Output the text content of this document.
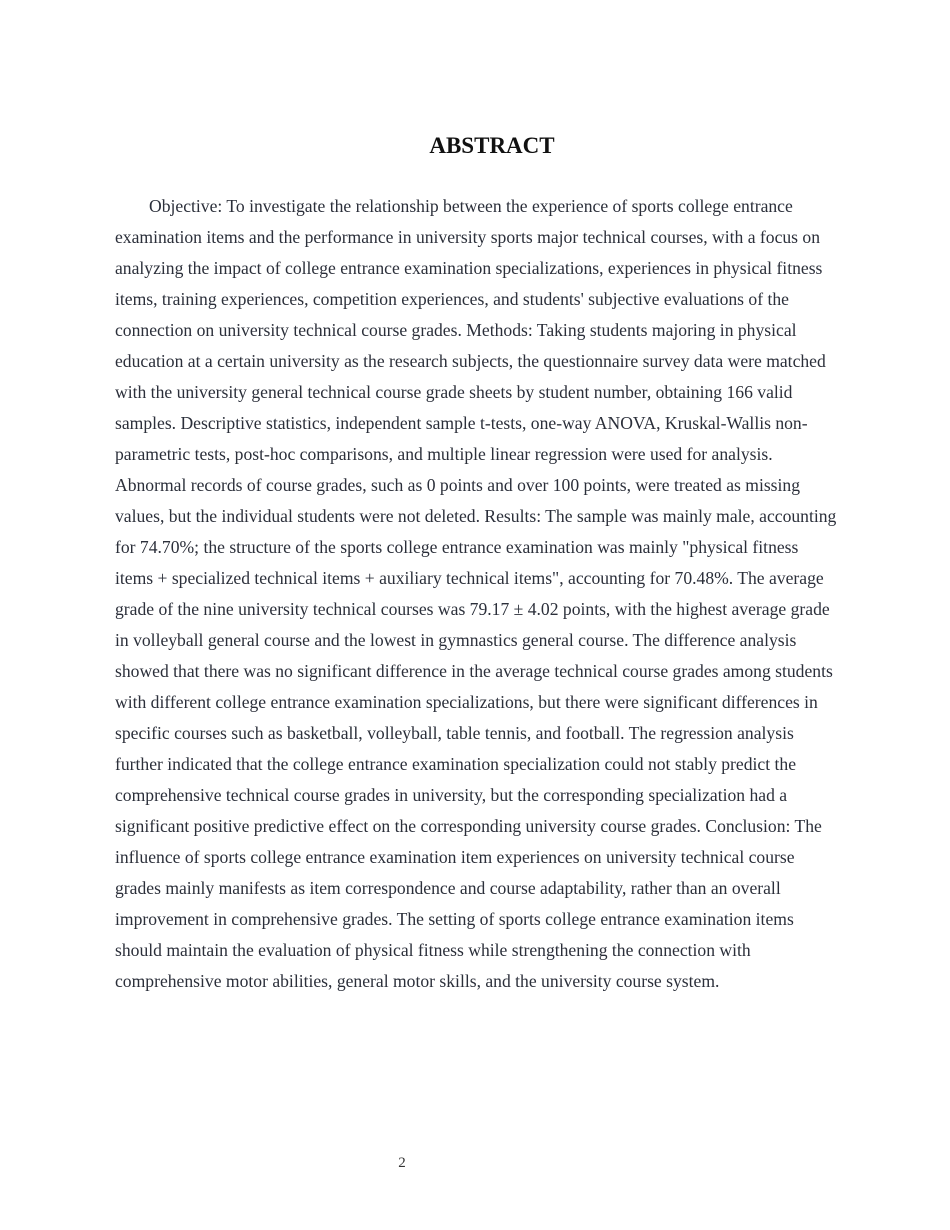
ABSTRACT

Objective: To investigate the relationship between the experience of sports college entrance examination items and the performance in university sports major technical courses, with a focus on analyzing the impact of college entrance examination specializations, experiences in physical fitness items, training experiences, competition experiences, and students' subjective evaluations of the connection on university technical course grades. Methods: Taking students majoring in physical education at a certain university as the research subjects, the questionnaire survey data were matched with the university general technical course grade sheets by student number, obtaining 166 valid samples. Descriptive statistics, independent sample t-tests, one-way ANOVA, Kruskal-Wallis non-parametric tests, post-hoc comparisons, and multiple linear regression were used for analysis. Abnormal records of course grades, such as 0 points and over 100 points, were treated as missing values, but the individual students were not deleted. Results: The sample was mainly male, accounting for 74.70%; the structure of the sports college entrance examination was mainly "physical fitness items + specialized technical items + auxiliary technical items", accounting for 70.48%. The average grade of the nine university technical courses was 79.17 ± 4.02 points, with the highest average grade in volleyball general course and the lowest in gymnastics general course. The difference analysis showed that there was no significant difference in the average technical course grades among students with different college entrance examination specializations, but there were significant differences in specific courses such as basketball, volleyball, table tennis, and football. The regression analysis further indicated that the college entrance examination specialization could not stably predict the comprehensive technical course grades in university, but the corresponding specialization had a significant positive predictive effect on the corresponding university course grades. Conclusion: The influence of sports college entrance examination item experiences on university technical course grades mainly manifests as item correspondence and course adaptability, rather than an overall improvement in comprehensive grades. The setting of sports college entrance examination items should maintain the evaluation of physical fitness while strengthening the connection with comprehensive motor abilities, general motor skills, and the university course system.

2
